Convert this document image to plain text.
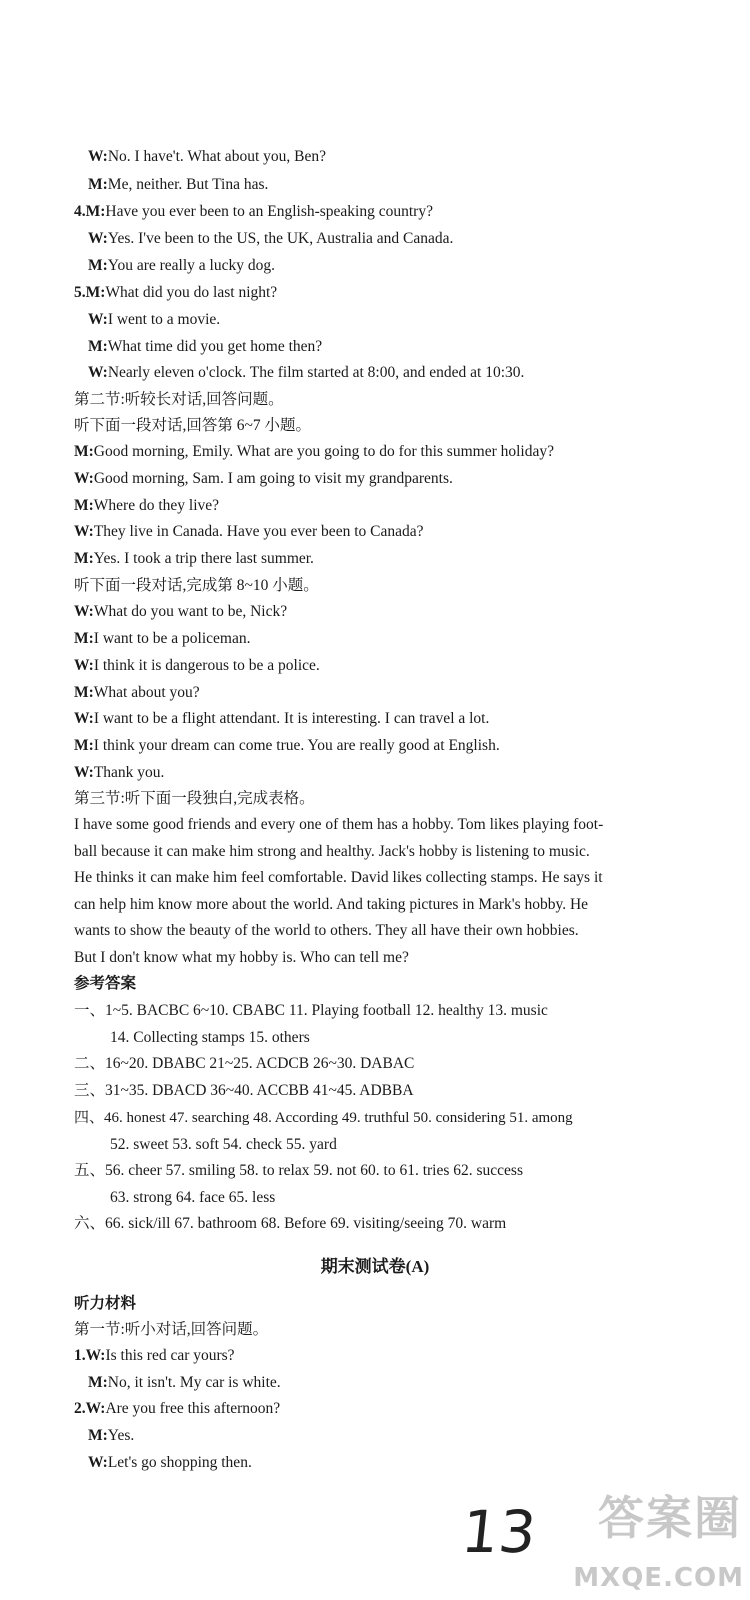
W:No. I have't. What about you, Ben?
M:Me, neither. But Tina has.
4.M:Have you ever been to an English-speaking country?
W:Yes. I've been to the US, the UK, Australia and Canada.
M:You are really a lucky dog.
5.M:What did you do last night?
W:I went to a movie.
M:What time did you get home then?
W:Nearly eleven o'clock. The film started at 8:00, and ended at 10:30.
第二节:听较长对话,回答问题。
听下面一段对话,回答第 6~7 小题。
M:Good morning, Emily. What are you going to do for this summer holiday?
W:Good morning, Sam. I am going to visit my grandparents.
M:Where do they live?
W:They live in Canada. Have you ever been to Canada?
M:Yes. I took a trip there last summer.
听下面一段对话,完成第 8~10 小题。
W:What do you want to be, Nick?
M:I want to be a policeman.
W:I think it is dangerous to be a police.
M:What about you?
W:I want to be a flight attendant. It is interesting. I can travel a lot.
M:I think your dream can come true. You are really good at English.
W:Thank you.
第三节:听下面一段独白,完成表格。
I have some good friends and every one of them has a hobby. Tom likes playing foot-
ball because it can make him strong and healthy. Jack's hobby is listening to music.
He thinks it can make him feel comfortable. David likes collecting stamps. He says it
can help him know more about the world. And taking pictures in Mark's hobby. He
wants to show the beauty of the world to others. They all have their own hobbies.
But I don't know what my hobby is. Who can tell me?
参考答案
一、1~5. BACBC 6~10. CBABC 11. Playing football 12. healthy 13. music
14. Collecting stamps 15. others
二、16~20. DBABC 21~25. ACDCB 26~30. DABAC
三、31~35. DBACD 36~40. ACCBB 41~45. ADBBA
四、46. honest 47. searching 48. According 49. truthful 50. considering 51. among
52. sweet 53. soft 54. check 55. yard
五、56. cheer 57. smiling 58. to relax 59. not 60. to 61. tries 62. success
63. strong 64. face 65. less
六、66. sick/ill 67. bathroom 68. Before 69. visiting/seeing 70. warm
期末测试卷(A)
听力材料
第一节:听小对话,回答问题。
1.W:Is this red car yours?
M:No, it isn't. My car is white.
2.W:Are you free this afternoon?
M:Yes.
W:Let's go shopping then.
13 答案圈
MXQE.COM
